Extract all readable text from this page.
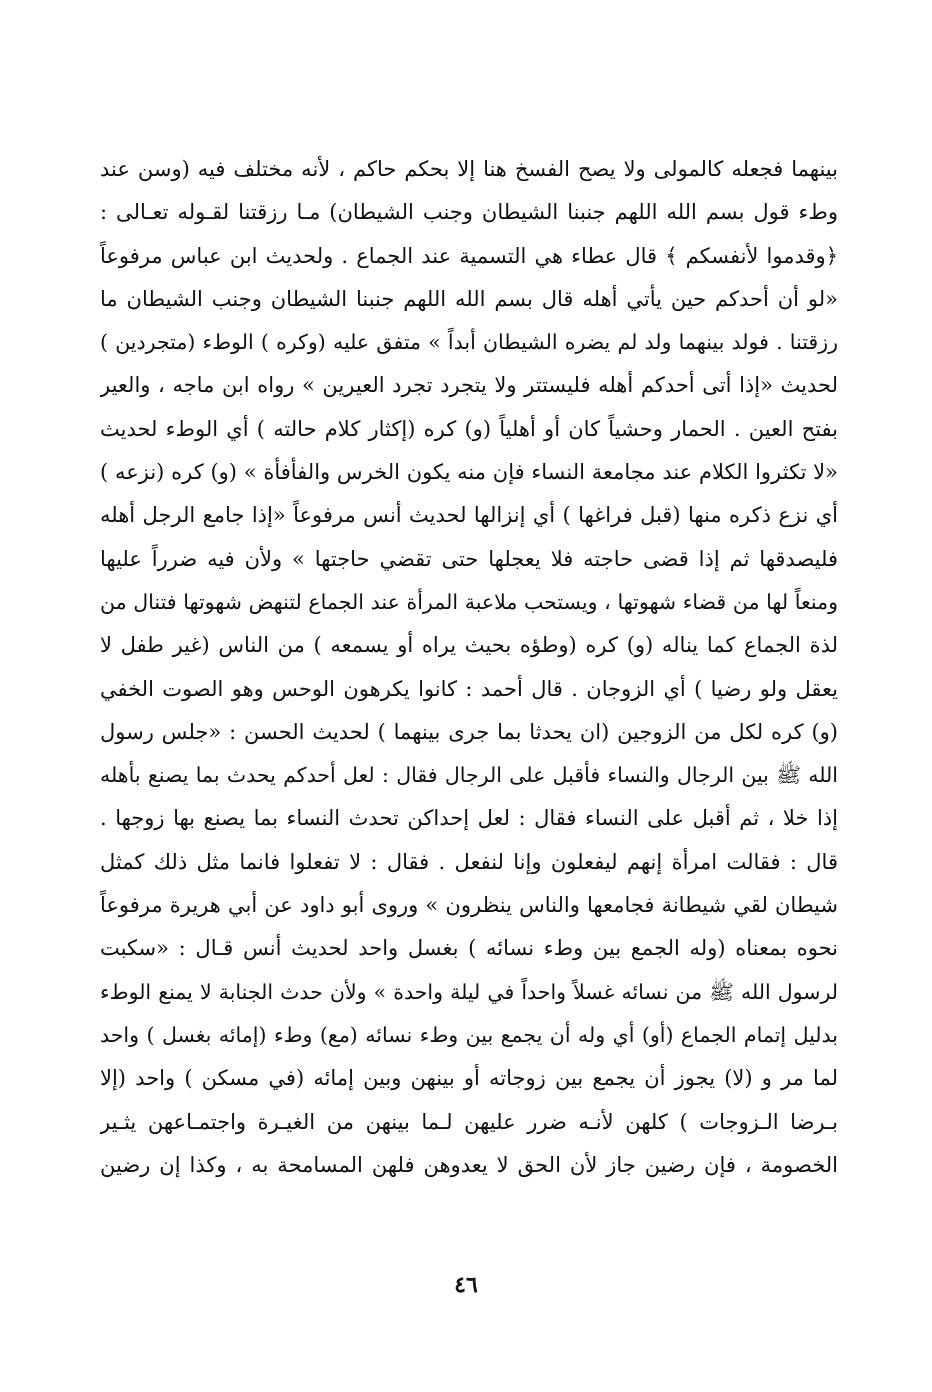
بينهما فجعله كالمولى ولا يصح الفسخ هنا إلا بحكم حاكم ، لأنه مختلف فيه (وسن عند
وطء قول بسم الله اللهم جنبنا الشيطان وجنب الشيطان) مـا رزقتنا لقـوله تعـالى :
﴿وقدموا لأنفسكم ﴾ قال عطاء هي التسمية عند الجماع . ولحديث ابن عباس مرفوعاً
«لو أن أحدكم حين يأتي أهله قال بسم الله اللهم جنبنا الشيطان وجنب الشيطان ما
رزقتنا . فولد بينهما ولد لم يضره الشيطان أبداً » متفق عليه (وكره ) الوطء (متجردين )
لحديث «إذا أتى أحدكم أهله فليستتر ولا يتجرد تجرد العيرين » رواه ابن ماجه ، والعير
بفتح العين . الحمار وحشياً كان أو أهلياً (و) كره (إكثار كلام حالته ) أي الوطء لحديث
«لا تكثروا الكلام عند مجامعة النساء فإن منه يكون الخرس والفأفأة » (و) كره (نزعه )
أي نزع ذكره منها (قبل فراغها ) أي إنزالها لحديث أنس مرفوعاً «إذا جامع الرجل أهله
فليصدقها ثم إذا قضى حاجته فلا يعجلها حتى تقضي حاجتها » ولأن فيه ضرراً عليها
ومنعاً لها من قضاء شهوتها ، ويستحب ملاعبة المرأة عند الجماع لتنهض شهوتها فتنال من
لذة الجماع كما يناله (و) كره (وطؤه بحيث يراه أو يسمعه ) من الناس (غير طفل لا
يعقل ولو رضيا ) أي الزوجان . قال أحمد : كانوا يكرهون الوحس وهو الصوت الخفي
(و) كره لكل من الزوجين (ان يحدثا بما جرى بينهما ) لحديث الحسن : «جلس رسول
الله ﷺ بين الرجال والنساء فأقبل على الرجال فقال : لعل أحدكم يحدث بما يصنع بأهله
إذا خلا ، ثم أقبل على النساء فقال : لعل إحداكن تحدث النساء بما يصنع بها زوجها .
قال : فقالت امرأة إنهم ليفعلون وإنا لنفعل . فقال : لا تفعلوا فانما مثل ذلك كمثل
شيطان لقي شيطانة فجامعها والناس ينظرون » وروى أبو داود عن أبي هريرة مرفوعاً
نحوه بمعناه (وله الجمع بين وطء نسائه ) بغسل واحد لحديث أنس قـال : «سكبت
لرسول الله ﷺ من نسائه غسلاً واحداً في ليلة واحدة » ولأن حدث الجنابة لا يمنع الوطء
بدليل إتمام الجماع (أو) أي وله أن يجمع بين وطء نسائه (مع) وطء (إمائه بغسل ) واحد
لما مر و (لا) يجوز أن يجمع بين زوجاته أو بينهن وبين إمائه (في مسكن ) واحد (إلا
بـرضا الـزوجات ) كلهن لأنـه ضرر عليهن لـما بينهن من الغيـرة واجتمـاعهن يثـير
الخصومة ، فإن رضين جاز لأن الحق لا يعدوهن فلهن المسامحة به ، وكذا إن رضين
٤٦
